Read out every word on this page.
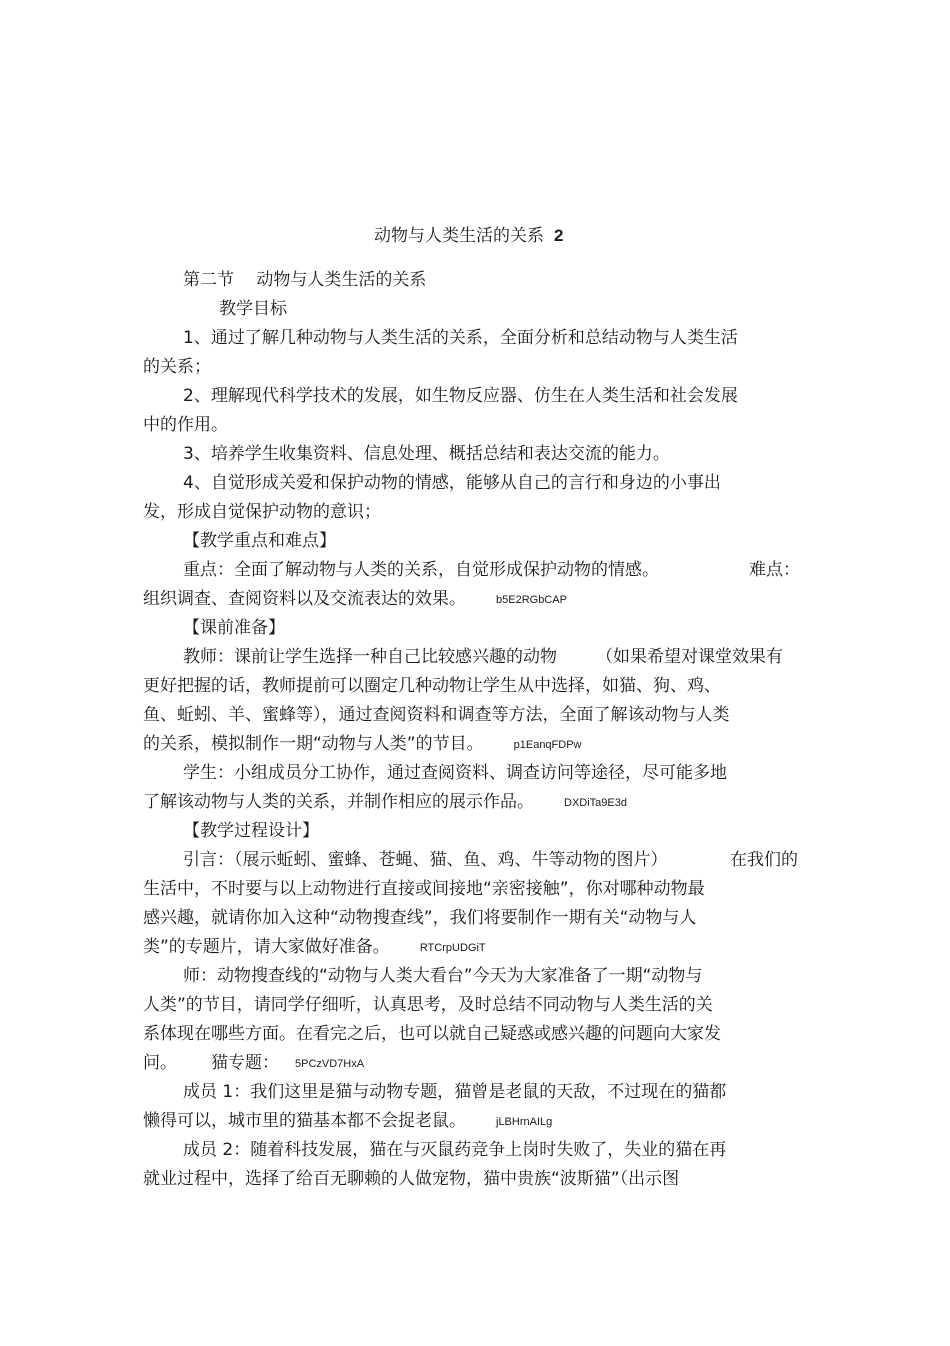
动物与人类生活的关系 2
第二节　 动物与人类生活的关系
教学目标
1、通过了解几种动物与人类生活的关系，全面分析和总结动物与人类生活
的关系；
2、理解现代科学技术的发展，如生物反应器、仿生在人类生活和社会发展
中的作用。
3、培养学生收集资料、信息处理、概括总结和表达交流的能力。
4、自觉形成关爱和保护动物的情感，能够从自己的言行和身边的小事出
发，形成自觉保护动物的意识；
【教学重点和难点】
重点：全面了解动物与人类的关系，自觉形成保护动物的情感。	难点：
组织调查、查阅资料以及交流表达的效果。	b5E2RGbCAP
【课前准备】
教师：课前让学生选择一种自己比较感兴趣的动物 （如果希望对课堂效果有
更好把握的话，教师提前可以圈定几种动物让学生从中选择，如猫、狗、鸡、
鱼、蚯蚓、羊、蜜蜂等），通过查阅资料和调查等方法，全面了解该动物与人类
的关系，模拟制作一期“动物与人类”的节目。	p1EanqFDPw
学生：小组成员分工协作，通过查阅资料、调查访问等途径，尽可能多地
了解该动物与人类的关系，并制作相应的展示作品。	DXDiTa9E3d
【教学过程设计】
引言：（展示蚯蚓、蜜蜂、苍蝇、猫、鱼、鸡、牛等动物的图片）	在我们的
生活中，不时要与以上动物进行直接或间接地“亲密接触”，你对哪种动物最
感兴趣，就请你加入这种“动物搜查线”，我们将要制作一期有关“动物与人
类”的专题片，请大家做好准备。	RTCrpUDGiT
师：动物搜查线的“动物与人类大看台”今天为大家准备了一期“动物与
人类”的节目，请同学仔细听，认真思考，及时总结不同动物与人类生活的关
系体现在哪些方面。在看完之后，也可以就自己疑惑或感兴趣的问题向大家发
问。 猫专题： 5PCzVD7HxA
成员 1：我们这里是猫与动物专题，猫曾是老鼠的天敌，不过现在的猫都
懒得可以，城市里的猫基本都不会捉老鼠。	jLBHrnAILg
成员 2：随着科技发展，猫在与灭鼠药竞争上岗时失败了，失业的猫在再
就业过程中，选择了给百无聊赖的人做宠物，猫中贵族“波斯猫”（出示图
